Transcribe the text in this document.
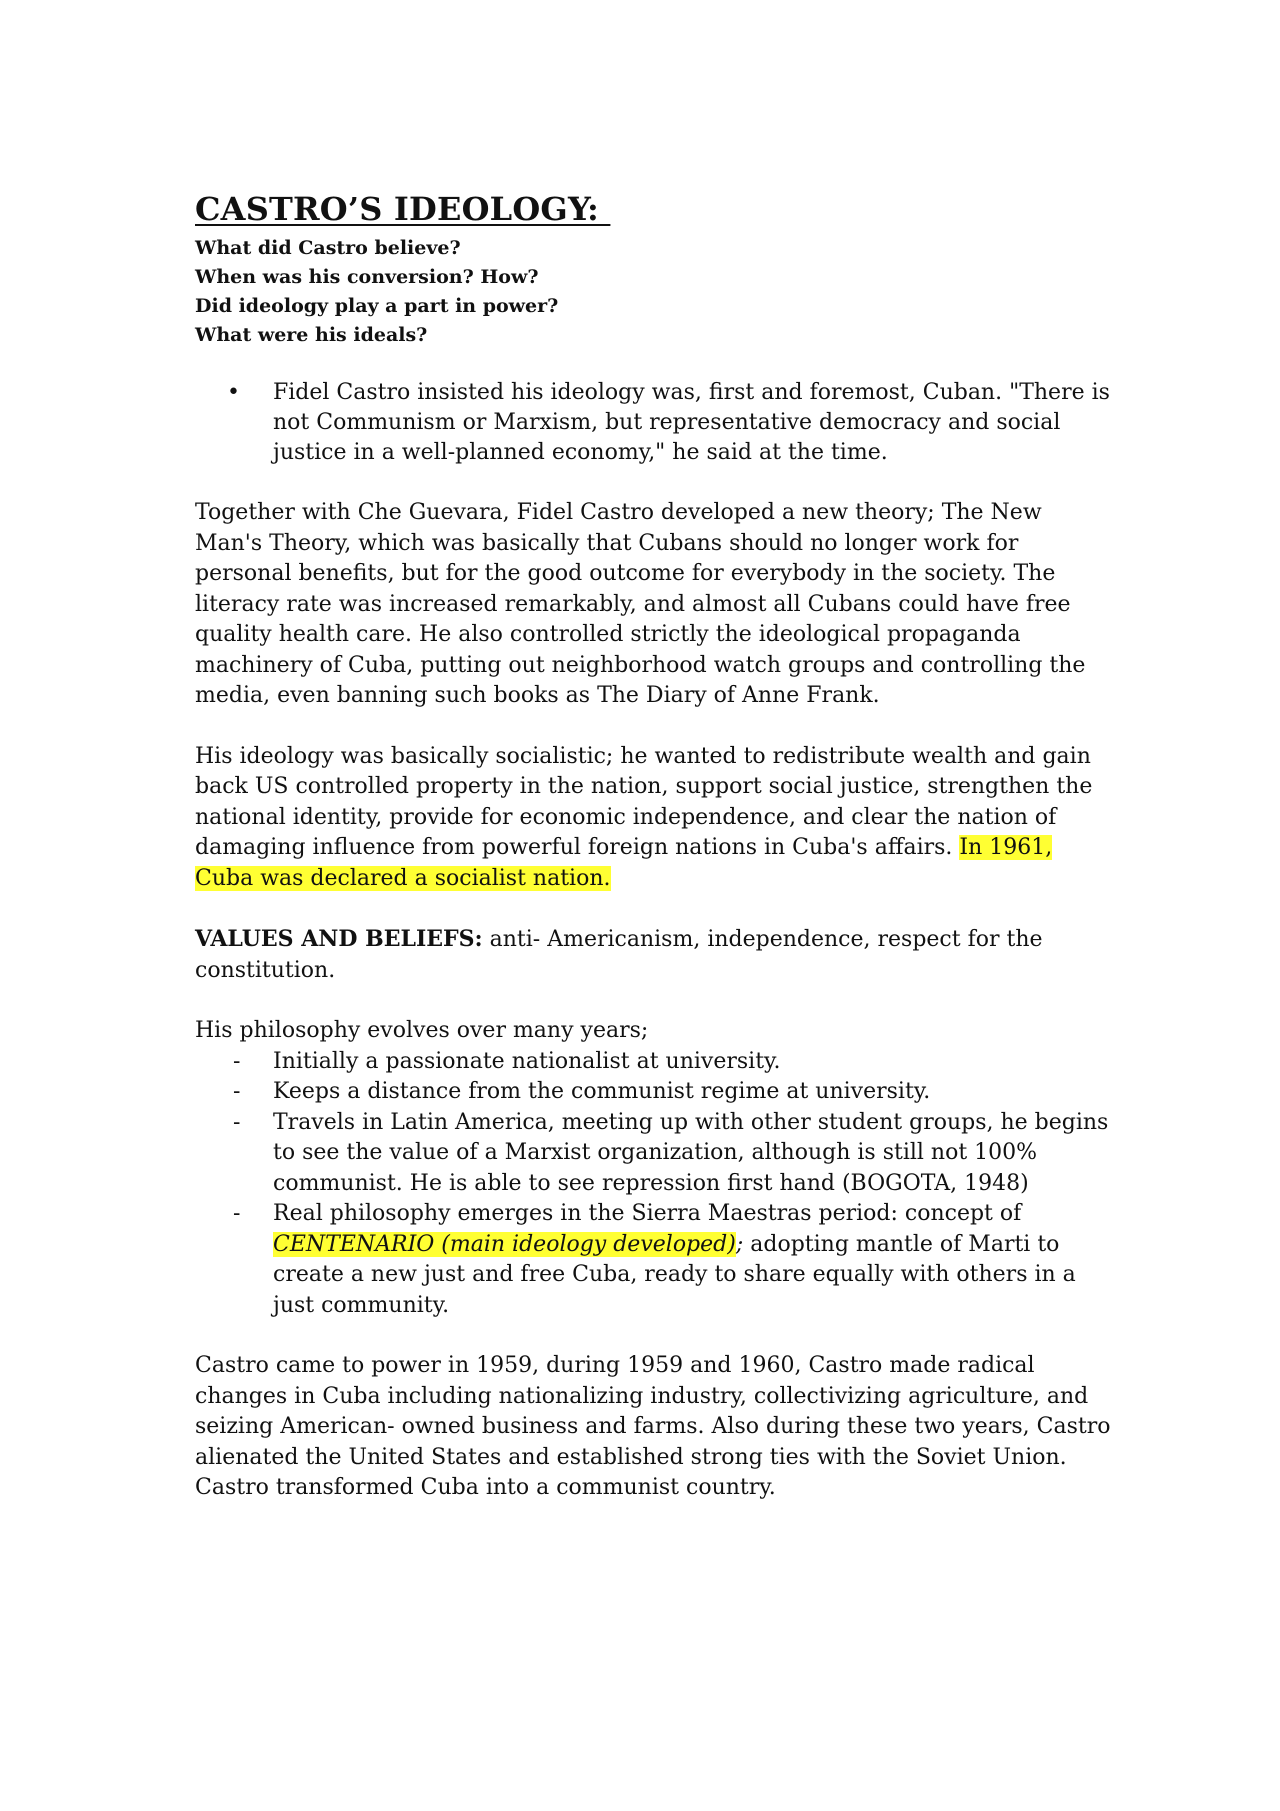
CASTRO’S IDEOLOGY:
What did Castro believe?
When was his conversion? How?
Did ideology play a part in power?
What were his ideals?
• Fidel Castro insisted his ideology was, first and foremost, Cuban. "There is not Communism or Marxism, but representative democracy and social justice in a well-planned economy," he said at the time.

Together with Che Guevara, Fidel Castro developed a new theory; The New Man's Theory, which was basically that Cubans should no longer work for personal benefits, but for the good outcome for everybody in the society. The literacy rate was increased remarkably, and almost all Cubans could have free quality health care. He also controlled strictly the ideological propaganda machinery of Cuba, putting out neighborhood watch groups and controlling the media, even banning such books as The Diary of Anne Frank.

His ideology was basically socialistic; he wanted to redistribute wealth and gain back US controlled property in the nation, support social justice, strengthen the national identity, provide for economic independence, and clear the nation of damaging influence from powerful foreign nations in Cuba's affairs. In 1961, Cuba was declared a socialist nation.

VALUES AND BELIEFS: anti- Americanism, independence, respect for the constitution.

His philosophy evolves over many years;

- Initially a passionate nationalist at university.
- Keeps a distance from the communist regime at university.
- Travels in Latin America, meeting up with other student groups, he begins to see the value of a Marxist organization, although is still not 100% communist. He is able to see repression first hand (BOGOTA, 1948)
- Real philosophy emerges in the Sierra Maestras period: concept of CENTENARIO (main ideology developed); adopting mantle of Marti to create a new just and free Cuba, ready to share equally with others in a just community.

Castro came to power in 1959, during 1959 and 1960, Castro made radical changes in Cuba including nationalizing industry, collectivizing agriculture, and seizing American- owned business and farms. Also during these two years, Castro alienated the United States and established strong ties with the Soviet Union. Castro transformed Cuba into a communist country.
